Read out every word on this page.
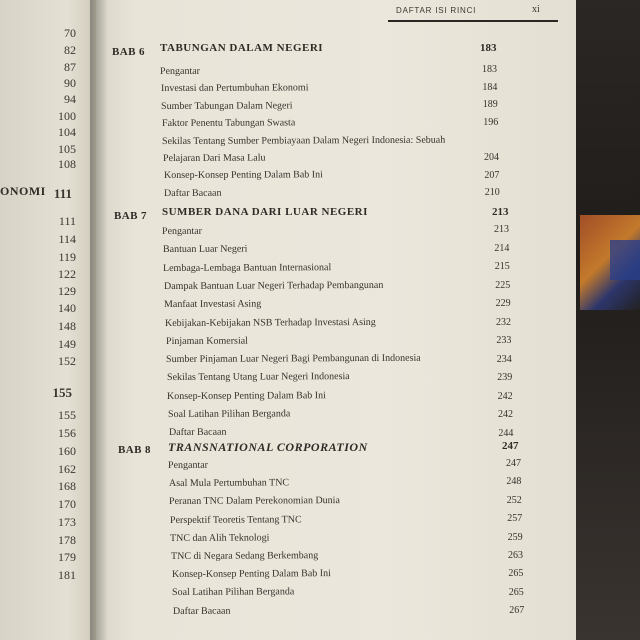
70
82
87
90
94
100
104
105
108
ONOMI 111
111
114
119
122
129
140
148
149
152
155
155
156
160
162
168
170
173
178
179
181
DAFTAR ISI RINCI	xi
BAB 6 TABUNGAN DALAM NEGERI	183
Pengantar	183
Investasi dan Pertumbuhan Ekonomi	184
Sumber Tabungan Dalam Negeri	189
Faktor Penentu Tabungan Swasta	196
Sekilas Tentang Sumber Pembiayaan Dalam Negeri Indonesia: Sebuah
Pelajaran Dari Masa Lalu	204
Konsep-Konsep Penting Dalam Bab Ini	207
Daftar Bacaan	210
BAB 7 SUMBER DANA DARI LUAR NEGERI	213
Pengantar	213
Bantuan Luar Negeri	214
Lembaga-Lembaga Bantuan Internasional	215
Dampak Bantuan Luar Negeri Terhadap Pembangunan	225
Manfaat Investasi Asing	229
Kebijakan-Kebijakan NSB Terhadap Investasi Asing	232
Pinjaman Komersial	233
Sumber Pinjaman Luar Negeri Bagi Pembangunan di Indonesia	234
Sekilas Tentang Utang Luar Negeri Indonesia	239
Konsep-Konsep Penting Dalam Bab Ini	242
Soal Latihan Pilihan Berganda	242
Daftar Bacaan	244
BAB 8 TRANSNATIONAL CORPORATION	247
Pengantar	247
Asal Mula Pertumbuhan TNC	248
Peranan TNC Dalam Perekonomian Dunia	252
Perspektif Teoretis Tentang TNC	257
TNC dan Alih Teknologi	259
TNC di Negara Sedang Berkembang	263
Konsep-Konsep Penting Dalam Bab Ini	265
Soal Latihan Pilihan Berganda	265
Daftar Bacaan	267
